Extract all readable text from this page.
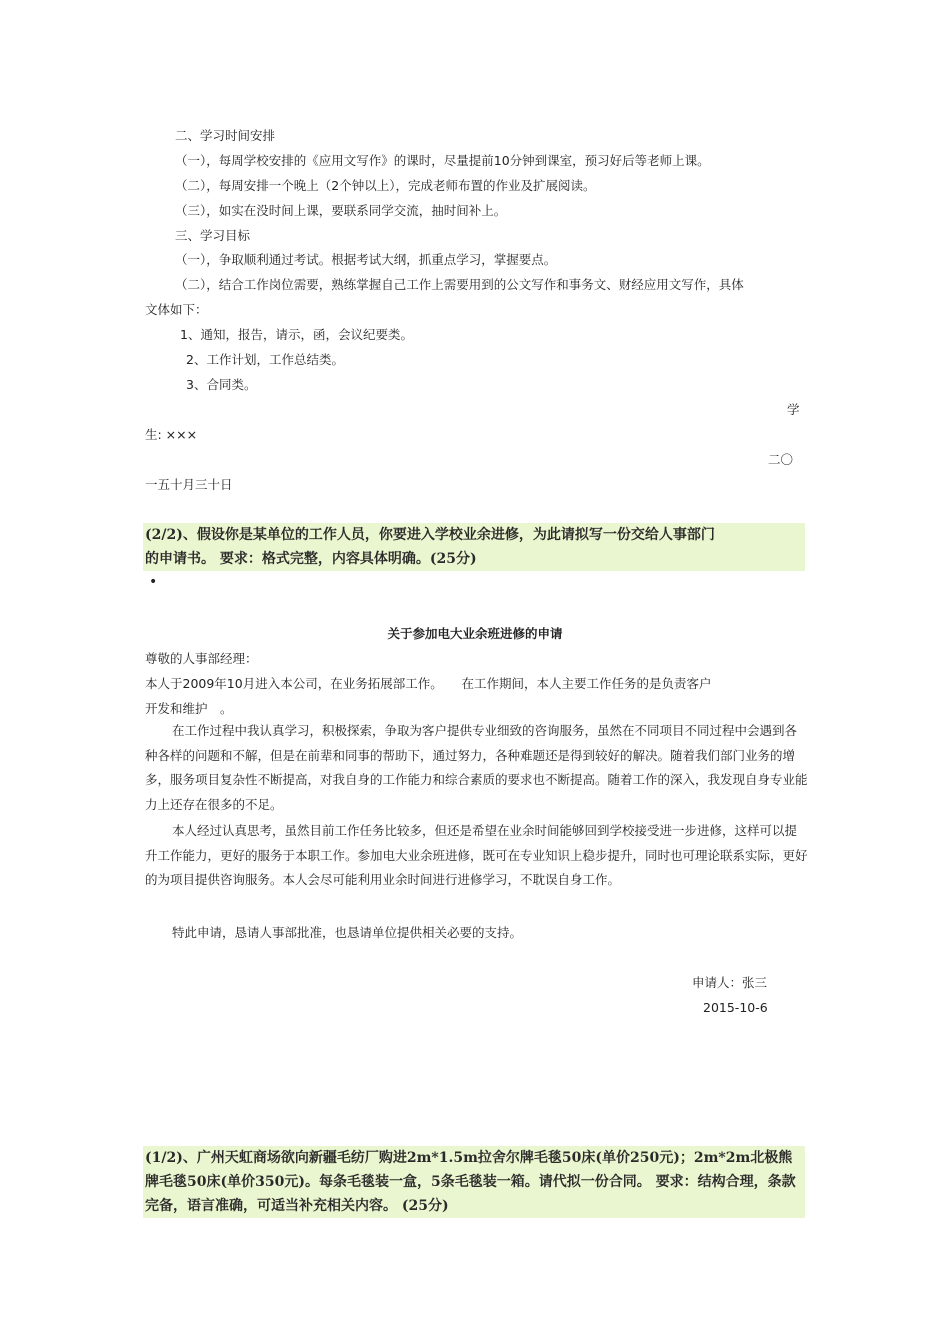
二、学习时间安排
（一），每周学校安排的《应用文写作》的课时，尽量提前10分钟到课室，预习好后等老师上课。
（二），每周安排一个晚上（2个钟以上），完成老师布置的作业及扩展阅读。
（三），如实在没时间上课，要联系同学交流，抽时间补上。
三、学习目标
（一），争取顺利通过考试。根据考试大纲，抓重点学习，掌握要点。
（二），结合工作岗位需要，熟练掌握自己工作上需要用到的公文写作和事务文、财经应用文写作，具体
文体如下：
1、通知，报告，请示，函，会议纪要类。
2、工作计划，工作总结类。
3、合同类。
学
生: ×××
二〇
一五十月三十日
(2/2)、假设你是某单位的工作人员，你要进入学校业余进修，为此请拟写一份交给人事部门
的申请书。 要求：格式完整，内容具体明确。(25分)
•
关于参加电大业余班进修的申请
尊敬的人事部经理：
本人于2009年10月进入本公司，在业务拓展部工作。　　在工作期间，本人主要工作任务的是负责客户
开发和维护　。
在工作过程中我认真学习，积极探索，争取为客户提供专业细致的咨询服务，虽然在不同项目不同过程中会遇到各种各样的问题和不解，但是在前辈和同事的帮助下，通过努力，各种难题还是得到较好的解决。随着我们部门业务的增多，服务项目复杂性不断提高，对我自身的工作能力和综合素质的要求也不断提高。随着工作的深入，我发现自身专业能力上还存在很多的不足。
本人经过认真思考，虽然目前工作任务比较多，但还是希望在业余时间能够回到学校接受进一步进修，这样可以提升工作能力，更好的服务于本职工作。参加电大业余班进修，既可在专业知识上稳步提升，同时也可理论联系实际，更好的为项目提供咨询服务。本人会尽可能利用业余时间进行进修学习，不耽误自身工作。
特此申请，恳请人事部批准，也恳请单位提供相关必要的支持。
申请人：张三
2015-10-6
(1/2)、广州天虹商场欲向新疆毛纺厂购进2m*1.5m拉舍尔牌毛毯50床(单价250元)；2m*2m北极熊牌毛毯50床(单价350元)。每条毛毯装一盒，5条毛毯装一箱。请代拟一份合同。 要求：结构合理，条款完备，语言准确，可适当补充相关内容。 (25分)
